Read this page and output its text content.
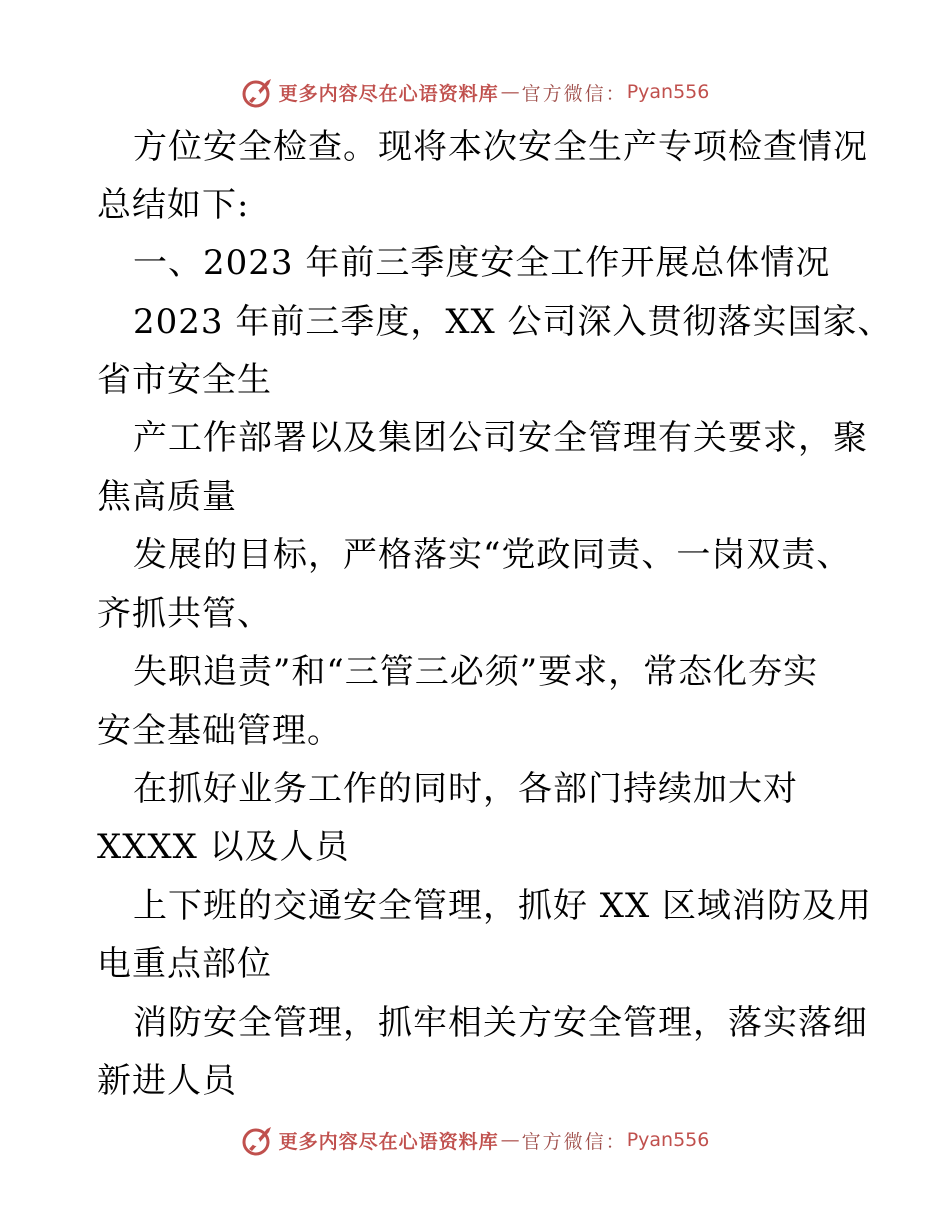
更多内容尽在心语资料库 — 官方微信： Pyan556
方位安全检查。现将本次安全生产专项检查情况
总结如下:
一、2023 年前三季度安全工作开展总体情况
2023 年前三季度，XX 公司深入贯彻落实国家、
省市安全生
产工作部署以及集团公司安全管理有关要求，聚
焦高质量
发展的目标，严格落实“党政同责、一岗双责、
齐抓共管、
失职追责”和“三管三必须”要求，常态化夯实
安全基础管理。
在抓好业务工作的同时，各部门持续加大对
XXXX 以及人员
上下班的交通安全管理，抓好 XX 区域消防及用
电重点部位
消防安全管理，抓牢相关方安全管理，落实落细
新进人员
更多内容尽在心语资料库 — 官方微信： Pyan556
